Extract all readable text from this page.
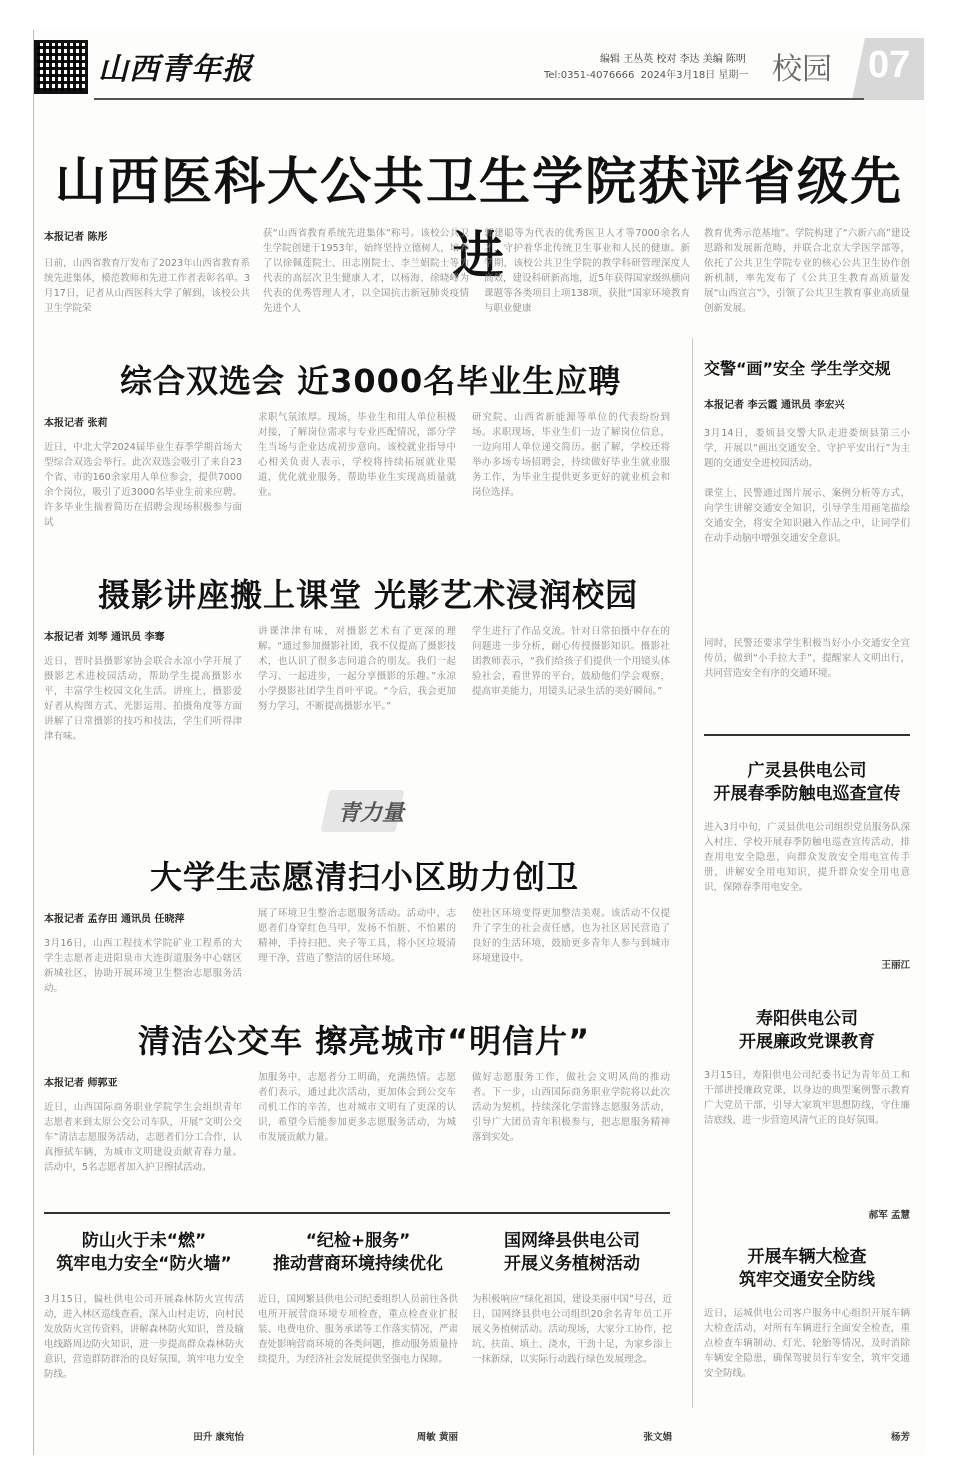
山西青年报	编辑 王丛英 校对 李达 美编 陈明
Tel:0351-4076666 2024年3月18日 星期一 校园 07
山西医科大公共卫生学院获评省级先进
本报记者 陈彤
日前，山西省教育厅发布了2023年山西省教育系统先进集体，模范教师和先进工作者表彰名单。3月17日，记者从山西医科大学了解到，该校公共卫生学院荣
获“山西省教育系统先进集体”称号。该校公共卫生学院创建于1953年，始终坚持立德树人，培养了以徐佩莲院士、田志刚院士、李兰娟院士等为代表的高层次卫生健康人才，以杨海、徐晓峰为代表的优秀管理人才，以全国抗击新冠肺炎疫情先进个人
郭建聪等为代表的优秀医卫人才等7000余名人才，守护着华北传统卫生事业和人民的健康。新学期，该校公共卫生学院的教学科研管理深度人高效，建设科研新高地，近5年获得国家级纵横向课题等各类项目上项138项，获批“国家环境教育与职业健康
教育优秀示范基地”。学院构建了“六新六高”建设思路和发展新范畴，并联合北京大学医学部等，依托了公共卫生学院专业的核心公共卫生协作创新机制，率先发布了《公共卫生教育高质量发展“山西宣言”》，引领了公共卫生教育事业高质量创新发展。
综合双选会 近3000名毕业生应聘
本报记者 张莉
近日，中北大学2024届毕业生春季学期首场大型综合双选会举行。此次双选会吸引了来自23个省、市的160余家用人单位参会，提供7000余个岗位，吸引了近3000名毕业生前来应聘。许多毕业生揣着简历在招聘会现场积极参与面试
求职气氛浓厚。现场，毕业生和用人单位积极对接，了解岗位需求与专业匹配情况，部分学生当场与企业达成初步意向。该校就业指导中心相关负责人表示，学校将持续拓展就业渠道，优化就业服务，帮助毕业生实现高质量就业。
研究院、山西省新能源等单位的代表纷纷到场。求职现场，毕业生们一边了解岗位信息，一边向用人单位递交简历。据了解，学校还将举办多场专场招聘会，持续做好毕业生就业服务工作，为毕业生提供更多更好的就业机会和岗位选择。
摄影讲座搬上课堂 光影艺术浸润校园
本报记者 刘琴 通讯员 李骞
近日，晋时县摄影家协会联合永凉小学开展了摄影艺术进校园活动，帮助学生提高摄影水平，丰富学生校园文化生活。讲座上，摄影爱好者从构图方式、光影运用、拍摄角度等方面讲解了日常摄影的技巧和技法，学生们听得津津有味。
讲课津津有味，对摄影艺术有了更深的理解。“通过参加摄影社团，我不仅提高了摄影技术，也认识了很多志同道合的朋友。我们一起学习、一起进步，一起分享摄影的乐趣。”永凉小学摄影社团学生肖叶平说。“今后，我会更加努力学习，不断提高摄影水平。”
学生进行了作品交流。针对日常拍摄中存在的问题进一步分析，耐心传授摄影知识。摄影社团教师表示，“我们给孩子们提供一个用镜头体验社会，看世界的平台，鼓励他们学会观察，提高审美能力，用镜头记录生活的美好瞬间。”
青力量
大学生志愿清扫小区助力创卫
本报记者 孟存田 通讯员 任晓萍
3月16日，山西工程技术学院矿业工程系的大学生志愿者走进阳泉市大连街道服务中心辖区新城社区，协助开展环境卫生整治志愿服务活动。
展了环境卫生整治志愿服务活动。活动中，志愿者们身穿红色马甲，发扬不怕脏、不怕累的精神，手持扫把、夹子等工具，将小区垃圾清理干净，营造了整洁的居住环境。
使社区环境变得更加整洁美观。该活动不仅提升了学生的社会责任感，也为社区居民营造了良好的生活环境，鼓励更多青年人参与到城市环境建设中。
清洁公交车 擦亮城市“明信片”
本报记者 师郭亚
近日，山西国际商务职业学院学生会组织青年志愿者来到太原公交公司车队，开展“文明公交车”清洁志愿服务活动，志愿者们分工合作，认真擦拭车辆，为城市文明建设贡献青春力量。活动中，5名志愿者加入护卫擦拭活动。
加服务中，志愿者分工明确，充满热情。志愿者们表示，通过此次活动，更加体会到公交车司机工作的辛苦，也对城市文明有了更深的认识，希望今后能参加更多志愿服务活动，为城市发展贡献力量。
做好志愿服务工作，做社会文明风尚的推动者。下一步，山西国际商务职业学院将以此次活动为契机，持续深化学雷锋志愿服务活动，引导广大团员青年积极参与，把志愿服务精神落到实处。
防山火于未“燃”
筑牢电力安全“防火墙”
3月15日，偏杜供电公司开展森林防火宣传活动，进入林区巡线查看，深入山村走访，向村民发放防火宣传资料，讲解森林防火知识，普及输电线路周边防火知识，进一步提高群众森林防火意识，营造群防群治的良好氛围，筑牢电力安全防线。
田升 康宛怡
“纪检+服务”
推动营商环境持续优化
近日，国网繁县供电公司纪委组织人员前往各供电所开展营商环境专项检查，重点检查业扩报装、电费电价、服务承诺等工作落实情况，严肃查处影响营商环境的各类问题，推动服务质量持续提升，为经济社会发展提供坚强电力保障。
周敏 黄丽
国网绛县供电公司
开展义务植树活动
为积极响应“绿化祖国、建设美丽中国”号召，近日，国网绛县供电公司组织20余名青年员工开展义务植树活动。活动现场，大家分工协作，挖坑、扶苗、填土、浇水，干劲十足，为家乡添上一抹新绿，以实际行动践行绿色发展理念。
张文娟
交警“画”安全 学生学交规
本报记者 李云霞 通讯员 李宏兴
3月14日，娄烦县交警大队走进娄烦县第三小学，开展以“画出交通安全、守护平安出行”为主题的交通安全进校园活动。
课堂上，民警通过图片展示、案例分析等方式，向学生讲解交通安全知识，引导学生用画笔描绘交通安全，将安全知识融入作品之中，让同学们在动手动脑中增强交通安全意识。
同时，民警还要求学生积极当好小小交通安全宣传员，做到“小手拉大手”，提醒家人文明出行，共同营造安全有序的交通环境。
广灵县供电公司
开展春季防触电巡查宣传
进入3月中旬，广灵县供电公司组织党员服务队深入村庄、学校开展春季防触电巡查宣传活动，排查用电安全隐患，向群众发放安全用电宣传手册，讲解安全用电知识，提升群众安全用电意识，保障春季用电安全。
王丽江
寿阳供电公司
开展廉政党课教育
3月15日，寿阳供电公司纪委书记为青年员工和干部讲授廉政党课，以身边的典型案例警示教育广大党员干部，引导大家筑牢思想防线，守住廉洁底线，进一步营造风清气正的良好氛围。
郝军 孟慧
开展车辆大检查
筑牢交通安全防线
近日，运城供电公司客户服务中心组织开展车辆大检查活动，对所有车辆进行全面安全检查，重点检查车辆制动、灯光、轮胎等情况，及时消除车辆安全隐患，确保驾驶员行车安全，筑牢交通安全防线。
杨芳
